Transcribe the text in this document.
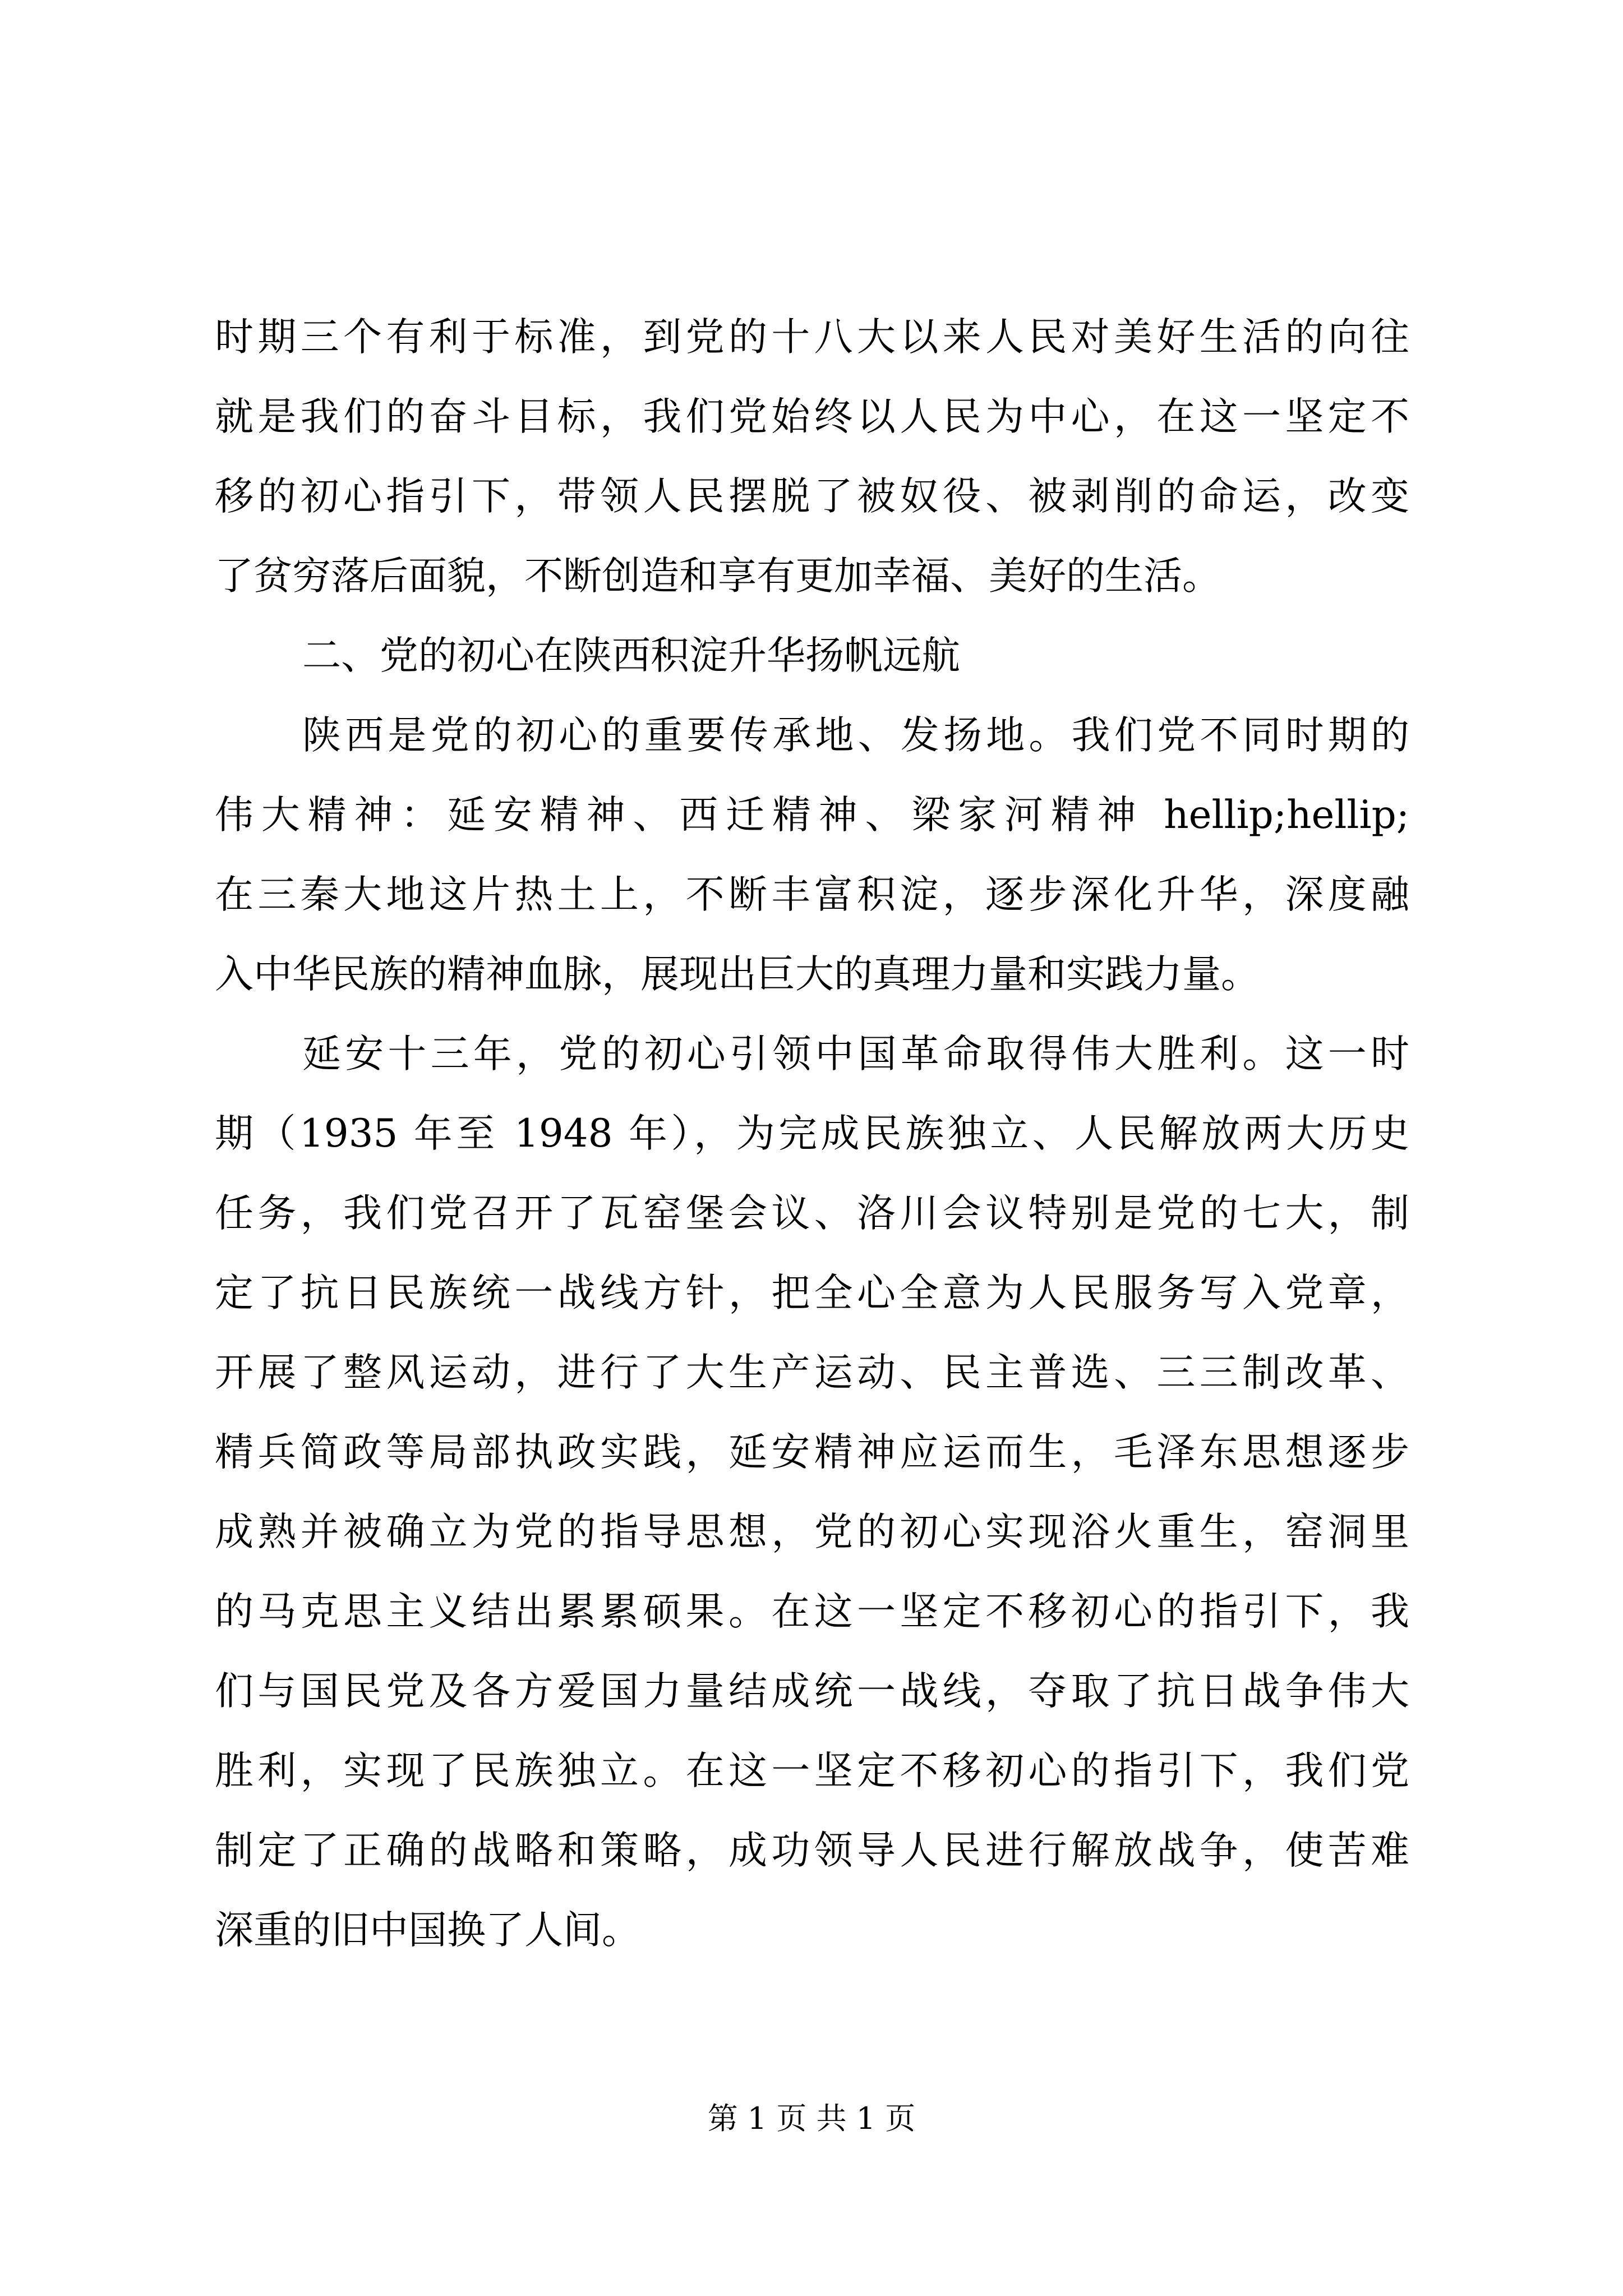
时期三个有利于标准，到党的十八大以来人民对美好生活的向往
就是我们的奋斗目标，我们党始终以人民为中心，在这一坚定不
移的初心指引下，带领人民摆脱了被奴役、被剥削的命运，改变
了贫穷落后面貌，不断创造和享有更加幸福、美好的生活。
二、党的初心在陕西积淀升华扬帆远航
陕西是党的初心的重要传承地、发扬地。我们党不同时期的
伟大精神：延安精神、西迁精神、梁家河精神 hellip;hellip;
在三秦大地这片热土上，不断丰富积淀，逐步深化升华，深度融
入中华民族的精神血脉，展现出巨大的真理力量和实践力量。
延安十三年，党的初心引领中国革命取得伟大胜利。这一时
期（1935 年至 1948 年），为完成民族独立、人民解放两大历史
任务，我们党召开了瓦窑堡会议、洛川会议特别是党的七大，制
定了抗日民族统一战线方针，把全心全意为人民服务写入党章，
开展了整风运动，进行了大生产运动、民主普选、三三制改革、
精兵简政等局部执政实践，延安精神应运而生，毛泽东思想逐步
成熟并被确立为党的指导思想，党的初心实现浴火重生，窑洞里
的马克思主义结出累累硕果。在这一坚定不移初心的指引下，我
们与国民党及各方爱国力量结成统一战线，夺取了抗日战争伟大
胜利，实现了民族独立。在这一坚定不移初心的指引下，我们党
制定了正确的战略和策略，成功领导人民进行解放战争，使苦难
深重的旧中国换了人间。
第 1 页 共 1 页
